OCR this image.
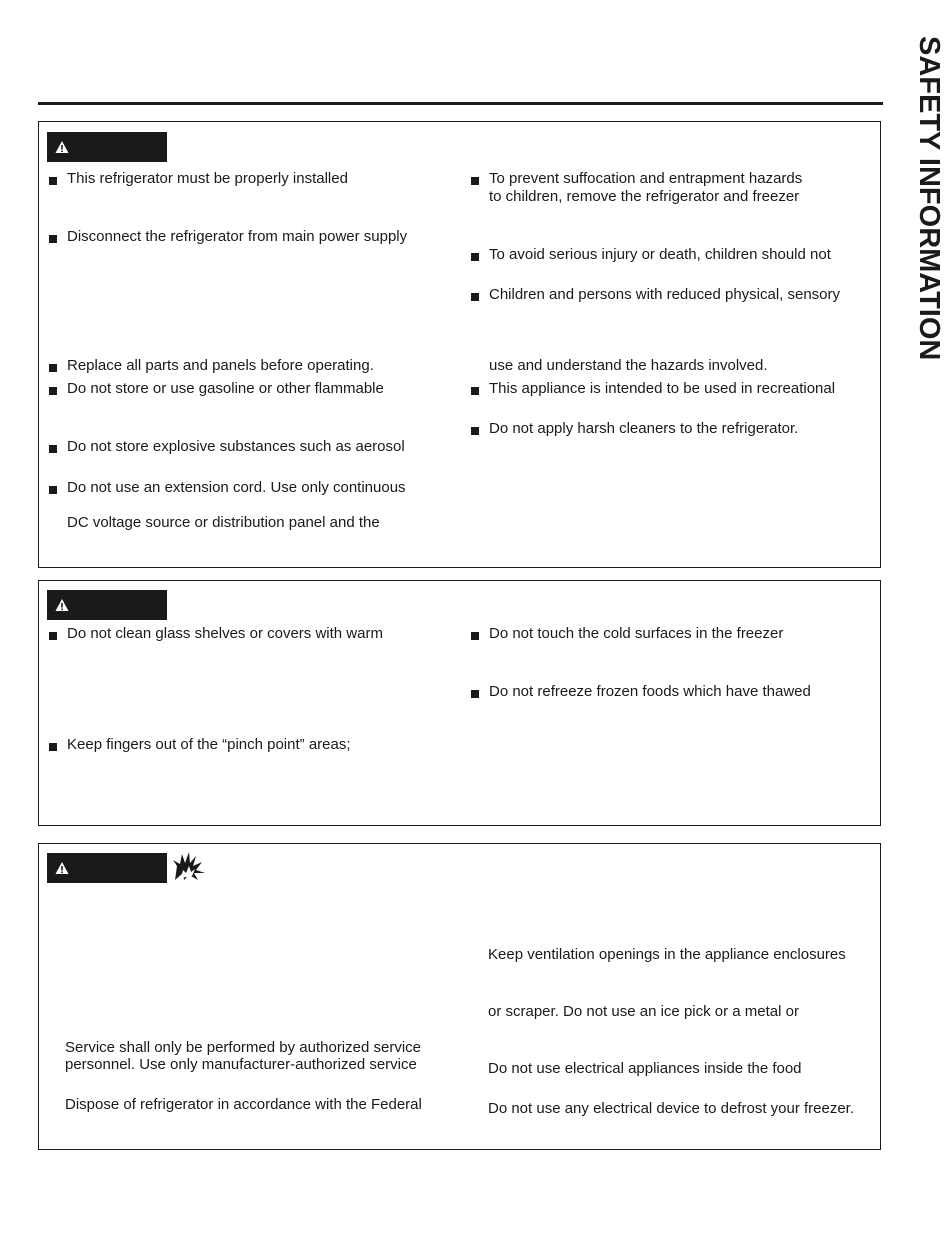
SAFETY INFORMATION
This refrigerator must be properly installed
Disconnect the refrigerator from main power supply
Replace all parts and panels before operating.
Do not store or use gasoline or other flammable
Do not store explosive substances such as aerosol
Do not use an extension cord. Use only continuous
DC voltage source or distribution panel and the
To prevent suffocation and entrapment hazards
to children, remove the refrigerator and freezer
To avoid serious injury or death, children should not
Children and persons with reduced physical, sensory
use and understand the hazards involved.
This appliance is intended to be used in recreational
Do not apply harsh cleaners to the refrigerator.
Do not clean glass shelves or covers with warm
Keep fingers out of the “pinch point” areas;
Do not touch the cold surfaces in the freezer
Do not refreeze frozen foods which have thawed
Service shall only be performed by authorized service
personnel. Use only manufacturer-authorized service
Dispose of refrigerator in accordance with the Federal
Keep ventilation openings in the appliance enclosures
or scraper. Do not use an ice pick or a metal or
Do not use electrical appliances inside the food
Do not use any electrical device to defrost your freezer.
